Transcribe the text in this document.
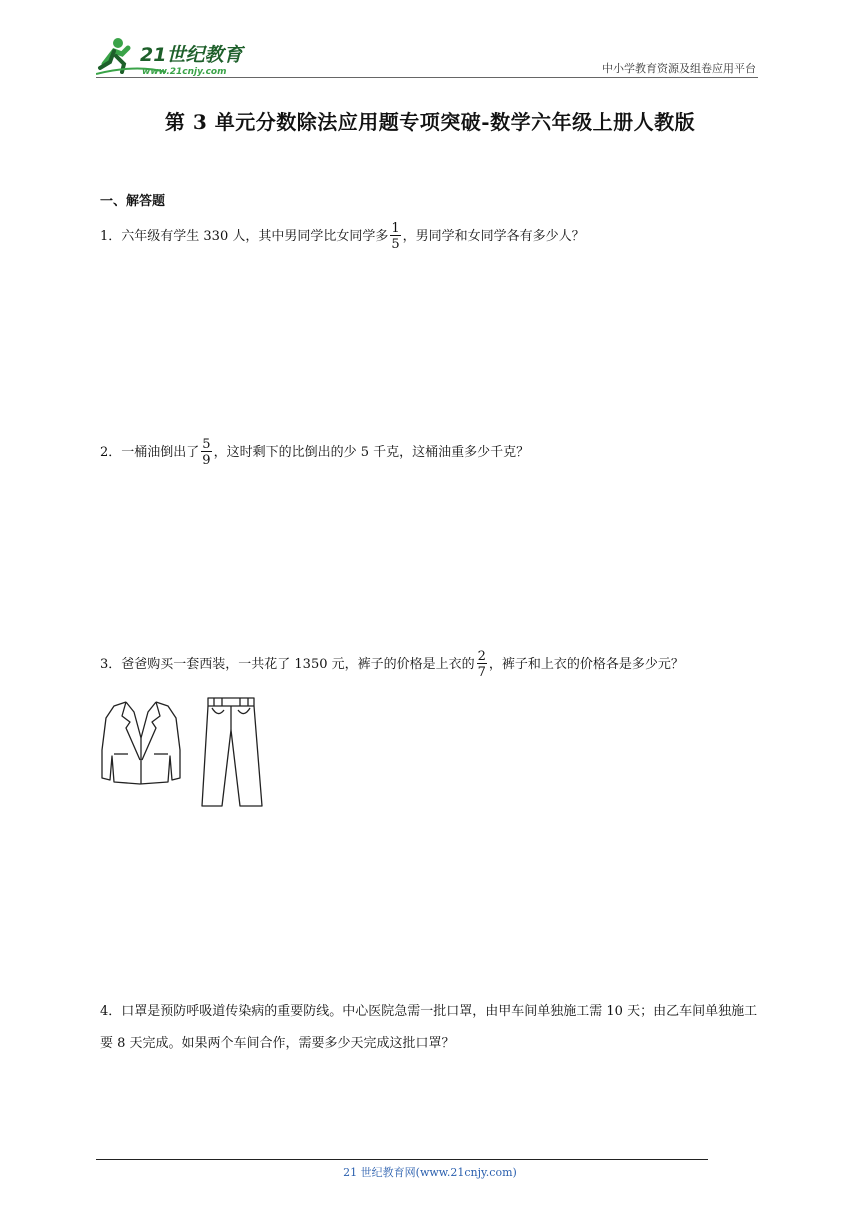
21世纪教育
www.21cnjy.com	中小学教育资源及组卷应用平台
第 3 单元分数除法应用题专项突破-数学六年级上册人教版
一、解答题
1．六年级有学生 330 人，其中男同学比女同学多 $\frac{1}{5}$ ，男同学和女同学各有多少人？
2．一桶油倒出了 $\frac{5}{9}$ ，这时剩下的比倒出的少 5 千克，这桶油重多少千克？
3．爸爸购买一套西装，一共花了 1350 元，裤子的价格是上衣的 $\frac{2}{7}$ ，裤子和上衣的价格各是多少元？
4．口罩是预防呼吸道传染病的重要防线。中心医院急需一批口罩，由甲车间单独施工需 10 天；由乙车间单独施工要 8 天完成。如果两个车间合作，需要多少天完成这批口罩？
21 世纪教育网(www.21cnjy.com)
